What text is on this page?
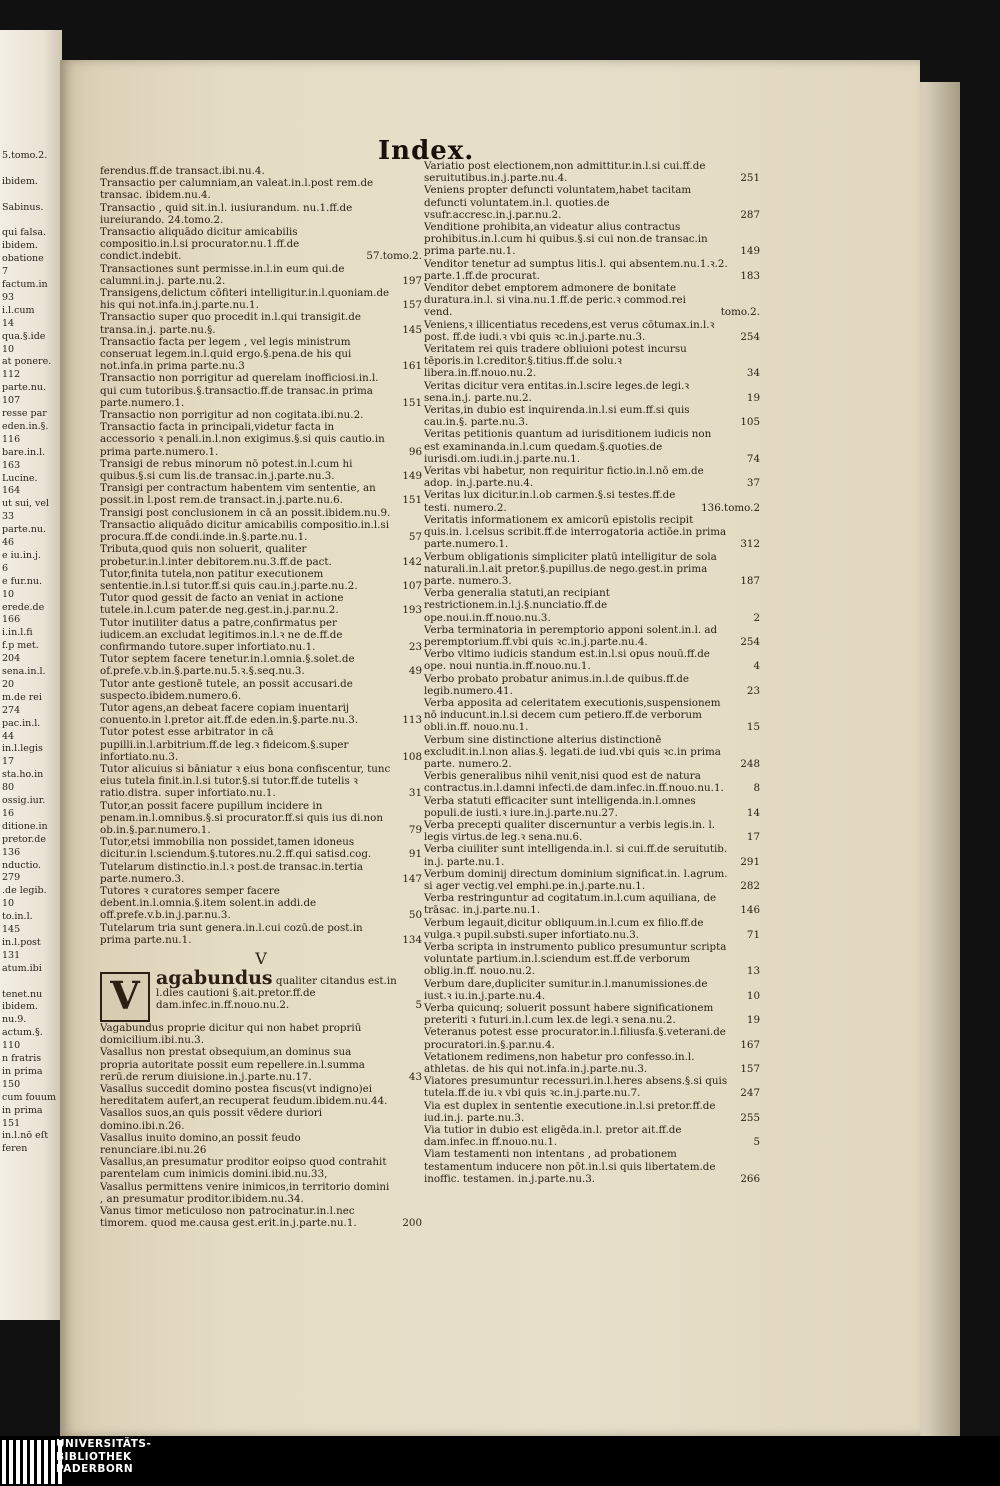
5.tomo.2.
ibidem.
Sabinus.
qui falsa.
ibidem.
obatione
7
factum.in
93
i.l.cum
14
qua.§.ide
10
at ponere.
112
parte.nu.
107
resse par
eden.in.§.
116
bare.in.l.
163
Lucine.
164
ut sui, vel
33
parte.nu.
46
e iu.in.j.
6
e fur.nu.
10
erede.de
166
i.in.l.fi
f.p met.
204
sena.in.l.
20
m.de rei
274
pac.in.l.
44
in.l.legis
17
sta.ho.in
80
ossig.iur.
16
ditione.in
pretor.de
136
nductio.
279
.de legib.
10
to.in.l.
145
in.l.post
131
atum.ibi
tenet.nu
ibidem.
nu.9.
actum.§.
110
n fratris
in prima
150
cum fouum
in prima
151
in.l.nō eſt
feren
Index.
ferendus.ff.de transact.ibi.nu.4.
Transactio per calumniam,an valeat.in.l.post rem.de transac. ibidem.nu.4.
Transactio , quid sit.in.l. iusiurandum. nu.1.ff.de iureiurando. 24.tomo.2.
Transactio aliquādo dicitur amicabilis compositio.in.l.si procurator.nu.1.ff.de condict.indebit.	57.tomo.2.
Transactiones sunt permisse.in.l.in eum qui.de calumni.in.j. parte.nu.2.	197
Transigens,delictum cōfiteri intelligitur.in.l.quoniam.de his qui not.infa.in.j.parte.nu.1.	157
Transactio super quo procedit in.l.qui transigit.de transa.in.j. parte.nu.§.	145
Transactio facta per legem , vel legis ministrum conseruat legem.in.l.quid ergo.§.pena.de his qui not.infa.in prima parte.nu.3	161
Transactio non porrigitur ad querelam inofficiosi.in.l. qui cum tutoribus.§.transactio.ff.de transac.in prima parte.numero.1.	151
Transactio non porrigitur ad non cogitata.ibi.nu.2.
Transactio facta in principali,videtur facta in accessorio ꝛ penali.in.l.non exigimus.§.si quis cautio.in prima parte.numero.1.	96
Transigi de rebus minorum nō potest.in.l.cum hi quibus.§.si cum lis.de transac.in.j.parte.nu.3.	149
Transigi per contractum habentem vim sententie, an possit.in l.post rem.de transact.in.j.parte.nu.6.	151
Transigi post conclusionem in cā an possit.ibidem.nu.9.
Transactio aliquādo dicitur amicabilis compositio.in.l.si procura.ff.de condi.inde.in.§.parte.nu.1.	57
Tributa,quod quis non soluerit, qualiter probetur.in.l.inter debitorem.nu.3.ff.de pact.	142
Tutor,finita tutela,non patitur executionem sententie.in.l.si tutor.ff.si quis cau.in.j.parte.nu.2.	107
Tutor quod gessit de facto an veniat in actione tutele.in.l.cum pater.de neg.gest.in.j.par.nu.2.	193
Tutor inutiliter datus a patre,confirmatus per iudicem.an excludat legitimos.in.l.ꝛ ne de.ff.de confirmando tutore.super infortiato.nu.1.	23
Tutor septem facere tenetur.in.l.omnia.§.solet.de of.prefe.v.b.in.§.parte.nu.5.ꝛ.§.seq.nu.3.	49
Tutor ante gestionē tutele, an possit accusari.de suspecto.ibidem.numero.6.
Tutor agens,an debeat facere copiam inuentarij conuento.in l.pretor ait.ff.de eden.in.§.parte.nu.3.	113
Tutor potest esse arbitrator in cā pupilli.in.l.arbitrium.ff.de leg.ꝛ fideicom.§.super infortiato.nu.3.	108
Tutor alicuius si bāniatur ꝛ eius bona confiscentur, tunc eius tutela finit.in.l.si tutor.§.si tutor.ff.de tutelis ꝛ ratio.distra. super infortiato.nu.1.	31
Tutor,an possit facere pupillum incidere in penam.in.l.omnibus.§.si procurator.ff.si quis ius di.non ob.in.§.par.numero.1.	79
Tutor,etsi immobilia non possidet,tamen idoneus dicitur.in l.sciendum.§.tutores.nu.2.ff.qui satisd.cog.	91
Tutelarum distinctio.in.l.ꝛ post.de transac.in.tertia parte.numero.3.	147
Tutores ꝛ curatores semper facere debent.in.l.omnia.§.item solent.in addi.de off.prefe.v.b.in.j.par.nu.3.	50
Tutelarum tria sunt genera.in.l.cui cozū.de post.in prima parte.nu.1.	134
V
V agabundus qualiter citandus est.in l.dies cautioni §.ait.pretor.ff.de dam.infec.in.ff.nouo.nu.2.	5
Vagabundus proprie dicitur qui non habet propriū domicilium.ibi.nu.3.
Vasallus non prestat obsequium,an dominus sua propria autoritate possit eum repellere.in.l.summa rerū.de rerum diuisione.in.j.parte.nu.17.	43
Vasallus succedit domino postea fiscus(vt indigno)ei hereditatem aufert,an recuperat feudum.ibidem.nu.44.
Vasallos suos,an quis possit vēdere duriori domino.ibi.n.26.
Vasallus inuito domino,an possit feudo renunciare.ibi.nu.26
Vasallus,an presumatur proditor eoipso quod contrahit parentelam cum inimicis domini.ibid.nu.33,
Vasallus permittens venire inimicos,in territorio domini , an presumatur proditor.ibidem.nu.34.
Vanus timor meticuloso non patrocinatur.in.l.nec timorem. quod me.causa gest.erit.in.j.parte.nu.1.	200
Variatio post electionem,non admittitur.in.l.si cui.ff.de seruitutibus.in.j.parte.nu.4.	251
Veniens propter defuncti voluntatem,habet tacitam defuncti voluntatem.in.l. quoties.de vsufr.accresc.in.j.par.nu.2.	287
Venditione prohibita,an videatur alius contractus prohibitus.in.l.cum hi quibus.§.si cui non.de transac.in prima parte.nu.1.	149
Venditor tenetur ad sumptus litis.l. qui absentem.nu.1.ꝛ.2. parte.1.ff.de procurat.	183
Venditor debet emptorem admonere de bonitate duratura.in.l. si vina.nu.1.ff.de peric.ꝛ commod.rei vend.	tomo.2.
Veniens,ꝛ illicentiatus recedens,est verus cōtumax.in.l.ꝛ post. ff.de iudi.ꝛ vbi quis ꝛc.in.j.parte.nu.3.	254
Veritatem rei quis tradere obliuioni potest incursu tēporis.in l.creditor.§.titius.ff.de solu.ꝛ libera.in.ff.nouo.nu.2.	34
Veritas dicitur vera entitas.in.l.scire leges.de legi.ꝛ sena.in.j. parte.nu.2.	19
Veritas,in dubio est inquirenda.in.l.si eum.ff.si quis cau.in.§. parte.nu.3.	105
Veritas petitionis quantum ad iurisditionem iudicis non est examinanda.in.l.cum quedam.§.quoties.de iurisdi.om.iudi.in.j.parte.nu.1.	74
Veritas vbi habetur, non requiritur fictio.in.l.nō em.de adop. in.j.parte.nu.4.	37
Veritas lux dicitur.in.l.ob carmen.§.si testes.ff.de testi. numero.2.	136.tomo.2
Veritatis informationem ex amicorū epistolis recipit quis.in. l.celsus scribit.ff.de interrogatoria actiōe.in prima parte.numero.1.	312
Verbum obligationis simpliciter platū intelligitur de sola naturali.in.l.ait pretor.§.pupillus.de nego.gest.in prima parte. numero.3.	187
Verba generalia statuti,an recipiant restrictionem.in.l.j.§.nunciatio.ff.de ope.noui.in.ff.nouo.nu.3.	2
Verba terminatoria in peremptorio apponi solent.in.l. ad peremptorium.ff.vbi quis ꝛc.in.j.parte.nu.4.	254
Verbo vltimo iudicis standum est.in.l.si opus nouū.ff.de ope. noui nuntia.in.ff.nouo.nu.1.	4
Verbo probato probatur animus.in.l.de quibus.ff.de legib.numero.41.	23
Verba apposita ad celeritatem executionis,suspensionem nō inducunt.in.l.si decem cum petiero.ff.de verborum obli.in.ff. nouo.nu.1.	15
Verbum sine distinctione alterius distinctionē excludit.in.l.non alias.§. legati.de iud.vbi quis ꝛc.in prima parte. numero.2.	248
Verbis generalibus nihil venit,nisi quod est de natura contractus.in.l.damni infecti.de dam.infec.in.ff.nouo.nu.1.	8
Verba statuti efficaciter sunt intelligenda.in.l.omnes populi.de iusti.ꝛ iure.in.j.parte.nu.27.	14
Verba precepti qualiter discernuntur a verbis legis.in. l. legis virtus.de leg.ꝛ sena.nu.6.	17
Verba ciuiliter sunt intelligenda.in.l. si cui.ff.de seruitutib. in.j. parte.nu.1.	291
Verbum dominij directum dominium significat.in. l.agrum. si ager vectig.vel emphi.pe.in.j.parte.nu.1.	282
Verba restringuntur ad cogitatum.in.l.cum aquiliana, de trāsac. in.j.parte.nu.1.	146
Verbum legauit,dicitur obliquum.in.l.cum ex filio.ff.de vulga.ꝛ pupil.substi.super infortiato.nu.3.	71
Verba scripta in instrumento publico presumuntur scripta voluntate partium.in.l.sciendum est.ff.de verborum oblig.in.ff. nouo.nu.2.	13
Verbum dare,dupliciter sumitur.in.l.manumissiones.de iust.ꝛ iu.in.j.parte.nu.4.	10
Verba quicunq; soluerit possunt habere significationem preteriti ꝛ futuri.in.l.cum lex.de legi.ꝛ sena.nu.2.	19
Veteranus potest esse procurator.in.l.filiusfa.§.veterani.de procuratori.in.§.par.nu.4.	167
Vetationem redimens,non habetur pro confesso.in.l. athletas. de his qui not.infa.in.j.parte.nu.3.	157
Viatores presumuntur recessuri.in.l.heres absens.§.si quis tutela.ff.de iu.ꝛ vbi quis ꝛc.in.j.parte.nu.7.	247
Via est duplex in sententie executione.in.l.si pretor.ff.de iud.in.j. parte.nu.3.	255
Via tutior in dubio est eligēda.in.l. pretor ait.ff.de dam.infec.in ff.nouo.nu.1.	5
Viam testamenti non intentans , ad probationem testamentum inducere non pōt.in.l.si quis libertatem.de inoffic. testamen. in.j.parte.nu.3.	266
UNIVERSITÄTS-
BIBLIOTHEK
PADERBORN
